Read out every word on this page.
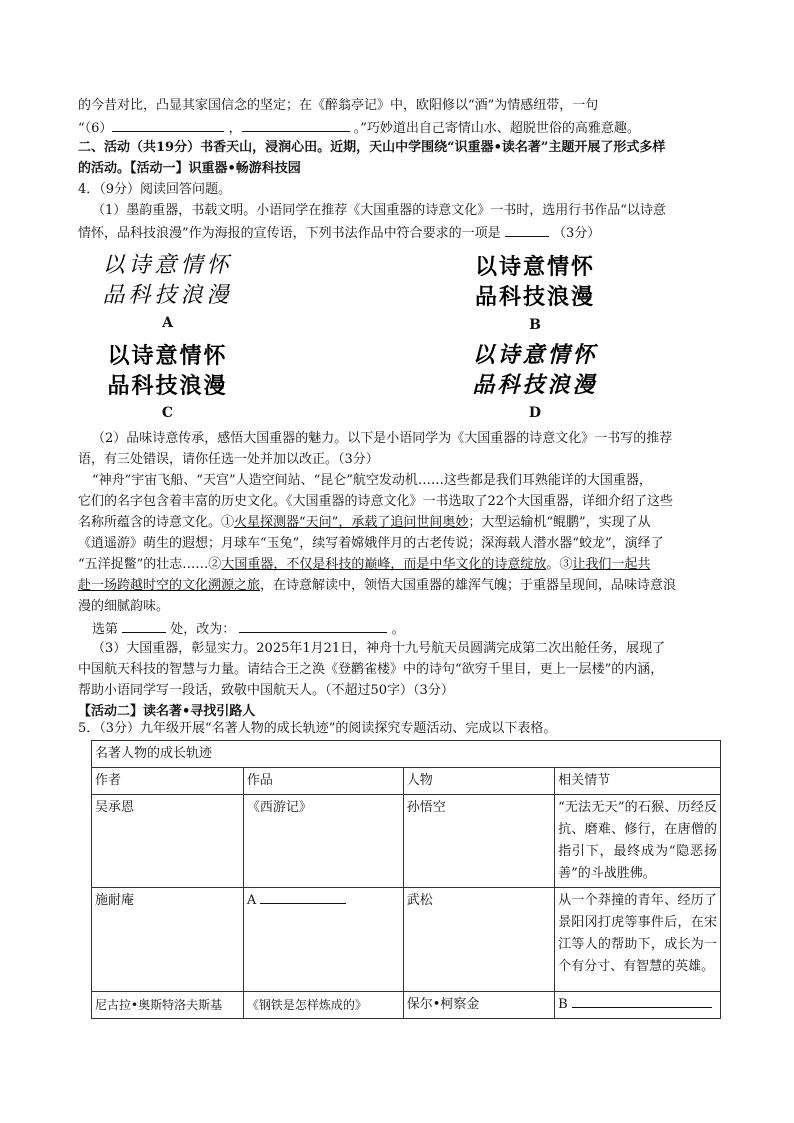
的今昔对比，凸显其家国信念的坚定；在《醉翁亭记》中，欧阳修以“酒”为情感纽带，一句
“（6）	，	。”巧妙道出自己寄情山水、超脱世俗的高雅意趣。
二、活动（共19分）书香天山，浸润心田。近期，天山中学围绕“识重器•读名著”主题开展了形式多样
的活动。【活动一】识重器•畅游科技园
4．（9分）阅读回答问题。
（1）墨韵重器，书载文明。小语同学在推荐《大国重器的诗意文化》一书时，选用行书作品“以诗意
情怀，品科技浪漫”作为海报的宣传语，下列书法作品中符合要求的一项是	（3分）
以诗意情怀
品科技浪漫
A
以诗意情怀
品科技浪漫
B
以诗意情怀
品科技浪漫
C
以诗意情怀
品科技浪漫
D
（2）品味诗意传承，感悟大国重器的魅力。以下是小语同学为《大国重器的诗意文化》一书写的推荐
语，有三处错误，请你任选一处并加以改正。（3分）
“神舟”宇宙飞船、“天宫”人造空间站、“昆仑”航空发动机……这些都是我们耳熟能详的大国重器，
它们的名字包含着丰富的历史文化。《大国重器的诗意文化》一书选取了22个大国重器，详细介绍了这些
名称所蕴含的诗意文化。①火星探测器“天问”，承载了追问世间奥妙；大型运输机“鲲鹏”，实现了从
《逍遥游》萌生的遐想；月球车“玉兔”，续写着嫦娥伴月的古老传说；深海载人潜水器“蛟龙”，演绎了
“五洋捉鳖”的壮志……②大国重器，不仅是科技的巅峰，而是中华文化的诗意绽放。③让我们一起共
赴一场跨越时空的文化溯源之旅，在诗意解读中，领悟大国重器的雄浑气魄；于重器呈现间，品味诗意浪
漫的细腻韵味。
选第	处，改为：	。
（3）大国重器，彰显实力。2025年1月21日，神舟十九号航天员圆满完成第二次出舱任务，展现了
中国航天科技的智慧与力量。请结合王之涣《登鹳雀楼》中的诗句“欲穷千里目，更上一层楼”的内涵，
帮助小语同学写一段话，致敬中国航天人。（不超过50字）（3分）
【活动二】读名著•寻找引路人
5．（3分）九年级开展“名著人物的成长轨迹”的阅读探究专题活动、完成以下表格。
名著人物的成长轨迹			
作者	作品	人物	相关情节
吴承恩	《西游记》	孙悟空	“无法无天”的石猴、历经反抗、磨难、修行，在唐僧的指引下，最终成为“隐恶扬善”的斗战胜佛。
施耐庵	A	武松	从一个莽撞的青年、经历了景阳冈打虎等事件后，在宋江等人的帮助下，成长为一个有分寸、有智慧的英雄。
尼古拉•奥斯特洛夫斯基	《钢铁是怎样炼成的》	保尔•柯察金	B
